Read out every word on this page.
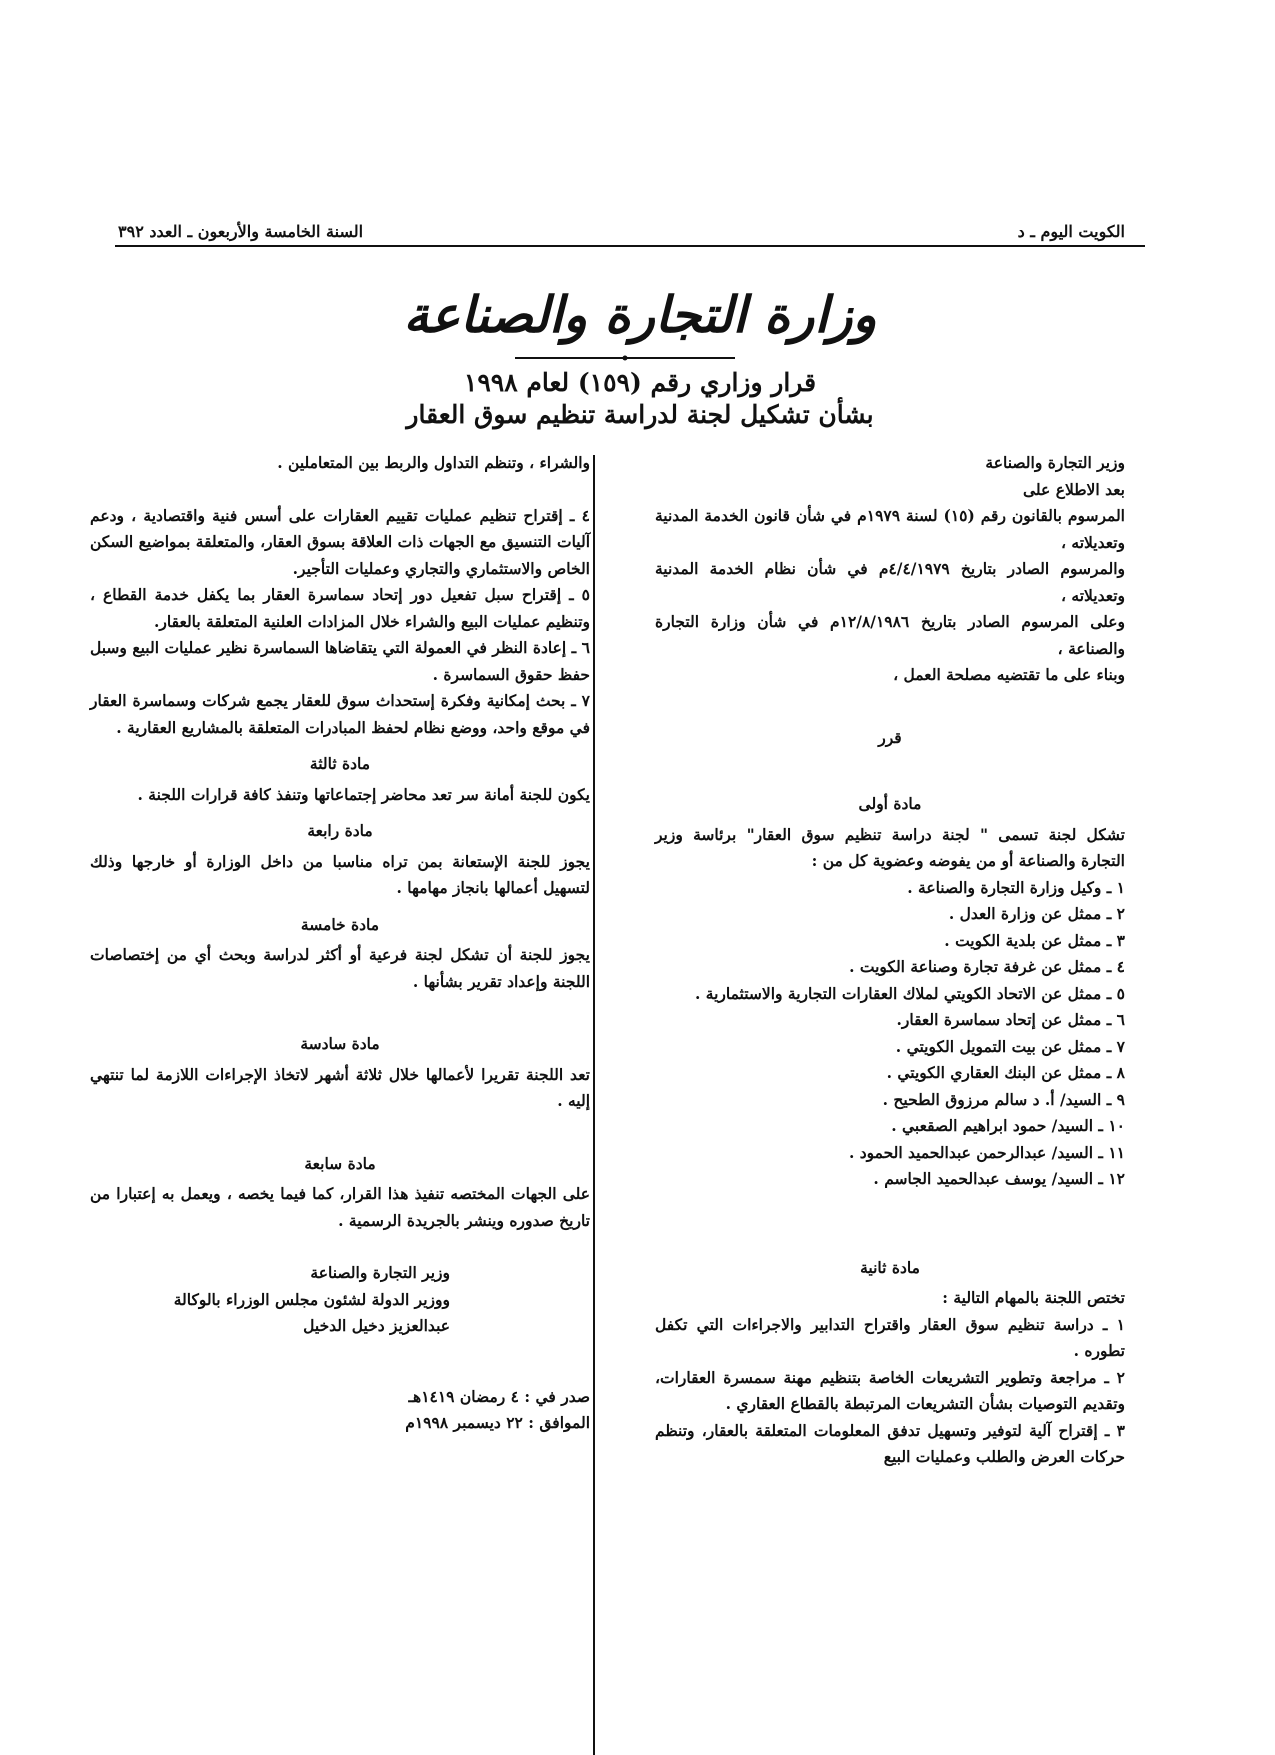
الكويت اليوم ـ د
السنة الخامسة والأربعون ـ العدد ٣٩٢
وزارة التجارة والصناعة
قرار وزاري رقم (١٥٩) لعام ١٩٩٨
بشأن تشكيل لجنة لدراسة تنظيم سوق العقار

وزير التجارة والصناعة

بعد الاطلاع على

المرسوم بالقانون رقم (١٥) لسنة ١٩٧٩م في شأن قانون الخدمة المدنية وتعديلاته ،

والمرسوم الصادر بتاريخ ٤/٤/١٩٧٩م في شأن نظام الخدمة المدنية وتعديلاته ،

وعلى المرسوم الصادر بتاريخ ١٢/٨/١٩٨٦م في شأن وزارة التجارة والصناعة ،

وبناء على ما تقتضيه مصلحة العمل ،

قرر

مادة أولى

تشكل لجنة تسمى " لجنة دراسة تنظيم سوق العقار" برئاسة وزير التجارة والصناعة أو من يفوضه وعضوية كل من :

١ ـ وكيل وزارة التجارة والصناعة .

٢ ـ ممثل عن وزارة العدل .

٣ ـ ممثل عن بلدية الكويت .

٤ ـ ممثل عن غرفة تجارة وصناعة الكويت .

٥ ـ ممثل عن الاتحاد الكويتي لملاك العقارات التجارية والاستثمارية .

٦ ـ ممثل عن إتحاد سماسرة العقار.

٧ ـ ممثل عن بيت التمويل الكويتي .

٨ ـ ممثل عن البنك العقاري الكويتي .

٩ ـ السيد/ أ. د سالم مرزوق الطحيح .

١٠ ـ السيد/ حمود ابراهيم الصقعبي .

١١ ـ السيد/ عبدالرحمن عبدالحميد الحمود .

١٢ ـ السيد/ يوسف عبدالحميد الجاسم .

مادة ثانية

تختص اللجنة بالمهام التالية :

١ ـ دراسة تنظيم سوق العقار واقتراح التدابير والاجراءات التي تكفل تطوره .

٢ ـ مراجعة وتطوير التشريعات الخاصة بتنظيم مهنة سمسرة العقارات، وتقديم التوصيات بشأن التشريعات المرتبطة بالقطاع العقاري .

٣ ـ إقتراح آلية لتوفير وتسهيل تدفق المعلومات المتعلقة بالعقار، وتنظم حركات العرض والطلب وعمليات البيع

والشراء ، وتنظم التداول والربط بين المتعاملين .

٤ ـ إقتراح تنظيم عمليات تقييم العقارات على أسس فنية واقتصادية ، ودعم آليات التنسيق مع الجهات ذات العلاقة بسوق العقار، والمتعلقة بمواضيع السكن الخاص والاستثماري والتجاري وعمليات التأجير.

٥ ـ إقتراح سبل تفعيل دور إتحاد سماسرة العقار بما يكفل خدمة القطاع ، وتنظيم عمليات البيع والشراء خلال المزادات العلنية المتعلقة بالعقار.

٦ ـ إعادة النظر في العمولة التي يتقاضاها السماسرة نظير عمليات البيع وسبل حفظ حقوق السماسرة .

٧ ـ بحث إمكانية وفكرة إستحداث سوق للعقار يجمع شركات وسماسرة العقار في موقع واحد، ووضع نظام لحفظ المبادرات المتعلقة بالمشاريع العقارية .

مادة ثالثة

يكون للجنة أمانة سر تعد محاضر إجتماعاتها وتنفذ كافة قرارات اللجنة .

مادة رابعة

يجوز للجنة الإستعانة بمن تراه مناسبا من داخل الوزارة أو خارجها وذلك لتسهيل أعمالها بانجاز مهامها .

مادة خامسة

يجوز للجنة أن تشكل لجنة فرعية أو أكثر لدراسة وبحث أي من إختصاصات اللجنة وإعداد تقرير بشأنها .

مادة سادسة

تعد اللجنة تقريرا لأعمالها خلال ثلاثة أشهر لاتخاذ الإجراءات اللازمة لما تنتهي إليه .

مادة سابعة

على الجهات المختصه تنفيذ هذا القرار، كما فيما يخصه ، ويعمل به إعتبارا من تاريخ صدوره وينشر بالجريدة الرسمية .

وزير التجارة والصناعة

ووزير الدولة لشئون مجلس الوزراء بالوكالة

عبدالعزيز دخيل الدخيل

صدر في : ٤ رمضان ١٤١٩هـ

الموافق : ٢٢ ديسمبر ١٩٩٨م
